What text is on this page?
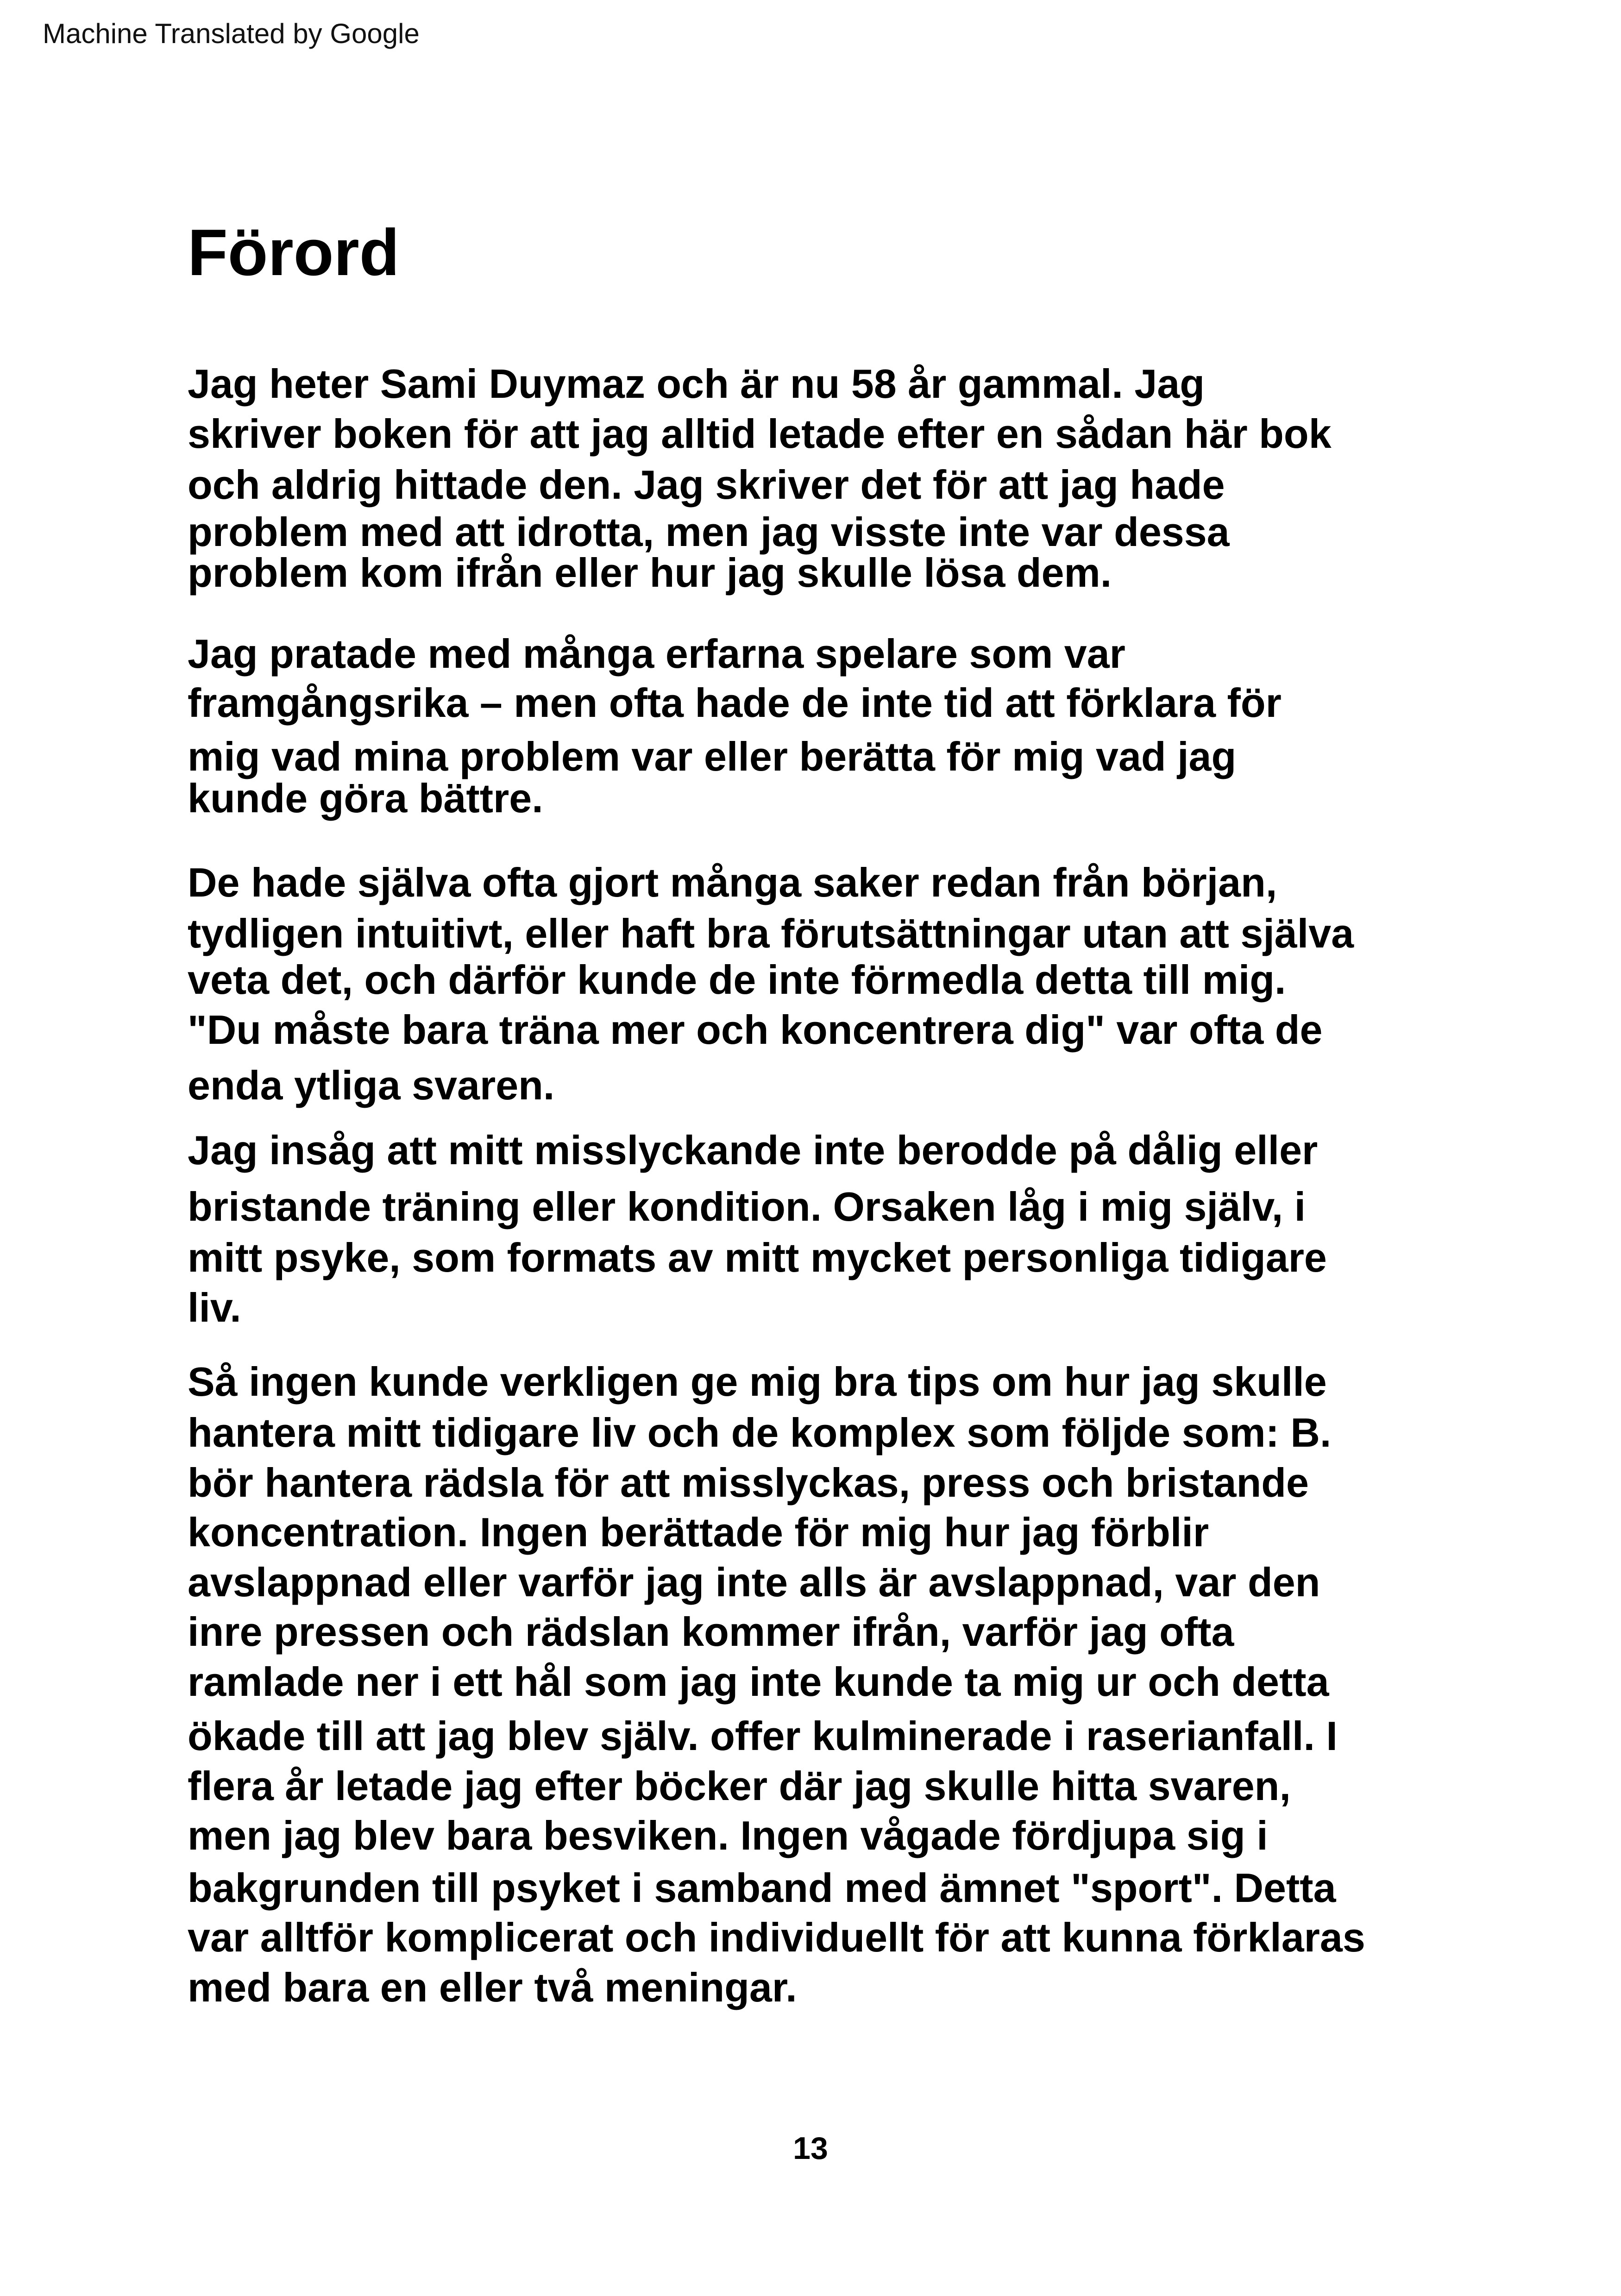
Machine Translated by Google
Förord
Jag heter Sami Duymaz och är nu 58 år gammal. Jag
skriver boken för att jag alltid letade efter en sådan här bok
och aldrig hittade den. Jag skriver det för att jag hade
problem med att idrotta, men jag visste inte var dessa
problem kom ifrån eller hur jag skulle lösa dem.
Jag pratade med många erfarna spelare som var
framgångsrika – men ofta hade de inte tid att förklara för
mig vad mina problem var eller berätta för mig vad jag
kunde göra bättre.
De hade själva ofta gjort många saker redan från början,
tydligen intuitivt, eller haft bra förutsättningar utan att själva
veta det, och därför kunde de inte förmedla detta till mig.
"Du måste bara träna mer och koncentrera dig" var ofta de
enda ytliga svaren.
Jag insåg att mitt misslyckande inte berodde på dålig eller
bristande träning eller kondition. Orsaken låg i mig själv, i
mitt psyke, som formats av mitt mycket personliga tidigare
liv.
Så ingen kunde verkligen ge mig bra tips om hur jag skulle
hantera mitt tidigare liv och de komplex som följde som: B.
bör hantera rädsla för att misslyckas, press och bristande
koncentration. Ingen berättade för mig hur jag förblir
avslappnad eller varför jag inte alls är avslappnad, var den
inre pressen och rädslan kommer ifrån, varför jag ofta
ramlade ner i ett hål som jag inte kunde ta mig ur och detta
ökade till att jag blev själv. offer kulminerade i raserianfall. I
flera år letade jag efter böcker där jag skulle hitta svaren,
men jag blev bara besviken. Ingen vågade fördjupa sig i
bakgrunden till psyket i samband med ämnet "sport". Detta
var alltför komplicerat och individuellt för att kunna förklaras
med bara en eller två meningar.
13
